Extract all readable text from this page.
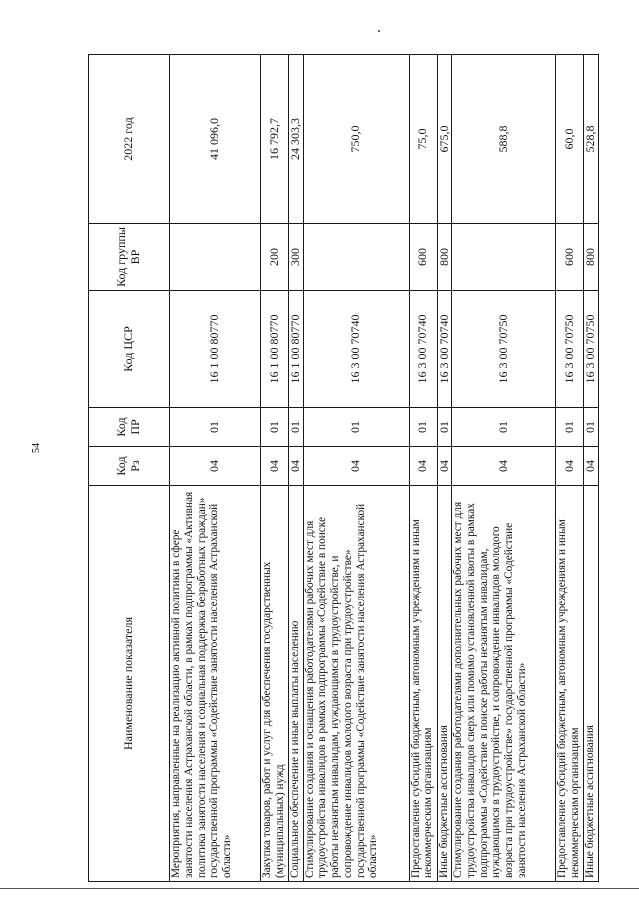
54
Наименование показателя	Код Рз	Код ПР	Код ЦСР	Код группы ВР	2022 год
Мероприятия, направленные на реализацию активной политики в сфере занятости населения Астраханской области, в рамках подпрограммы «Активная политика занятости населения и социальная поддержка безработных граждан» государственной программы «Содействие занятости населения Астраханской области»	04	01	16 1 00 80770		41 096,0
Закупка товаров, работ и услуг для обеспечения государственных (муниципальных) нужд	04	01	16 1 00 80770	200	16 792,7
Социальное обеспечение и иные выплаты населению	04	01	16 1 00 80770	300	24 303,3
Стимулирование создания и оснащения работодателями рабочих мест для трудоустройства инвалидов в рамках подпрограммы «Содействие в поиске работы незанятым инвалидам, нуждающимся в трудоустройстве, и сопровождение инвалидов молодого возраста при трудоустройстве» государственной программы «Содействие занятости населения Астраханской области»	04	01	16 3 00 70740		750,0
Предоставление субсидий бюджетным, автономным учреждениям и иным некоммерческим организациям	04	01	16 3 00 70740	600	75,0
Иные бюджетные ассигнования	04	01	16 3 00 70740	800	675,0
Стимулирование создания работодателями дополнительных рабочих мест для трудоустройства инвалидов сверх или помимо установленной квоты в рамках подпрограммы «Содействие в поиске работы незанятым инвалидам, нуждающимся в трудоустройстве, и сопровождение инвалидов молодого возраста при трудоустройстве» государственной программы «Содействие занятости населения Астраханской области»	04	01	16 3 00 70750		588,8
Предоставление субсидий бюджетным, автономным учреждениям и иным некоммерческим организациям	04	01	16 3 00 70750	600	60,0
Иные бюджетные ассигнования	04	01	16 3 00 70750	800	528,8
